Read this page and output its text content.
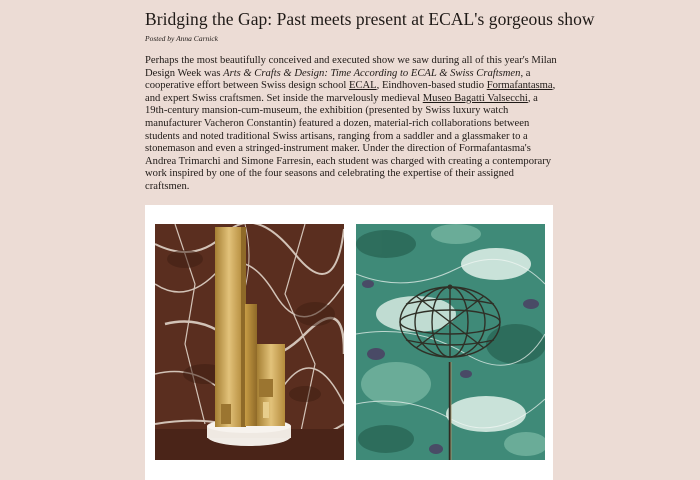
Bridging the Gap: Past meets present at ECAL's gorgeous show
Posted by Anna Carnick

Perhaps the most beautifully conceived and executed show we saw during all of this year's Milan Design Week was Arts & Crafts & Design: Time According to ECAL & Swiss Craftsmen, a cooperative effort between Swiss design school ECAL, Eindhoven-based studio Formafantasma, and expert Swiss craftsmen. Set inside the marvelously medieval Museo Bagatti Valsecchi, a 19th-century mansion-cum-museum, the exhibition (presented by Swiss luxury watch manufacturer Vacheron Constantin) featured a dozen, material-rich collaborations between students and noted traditional Swiss artisans, ranging from a saddler and a glassmaker to a stonemason and even a stringed-instrument maker. Under the direction of Formafantasma's Andrea Trimarchi and Simone Farresin, each student was charged with creating a contemporary work inspired by one of the four seasons and celebrating the expertise of their assigned craftsmen.
